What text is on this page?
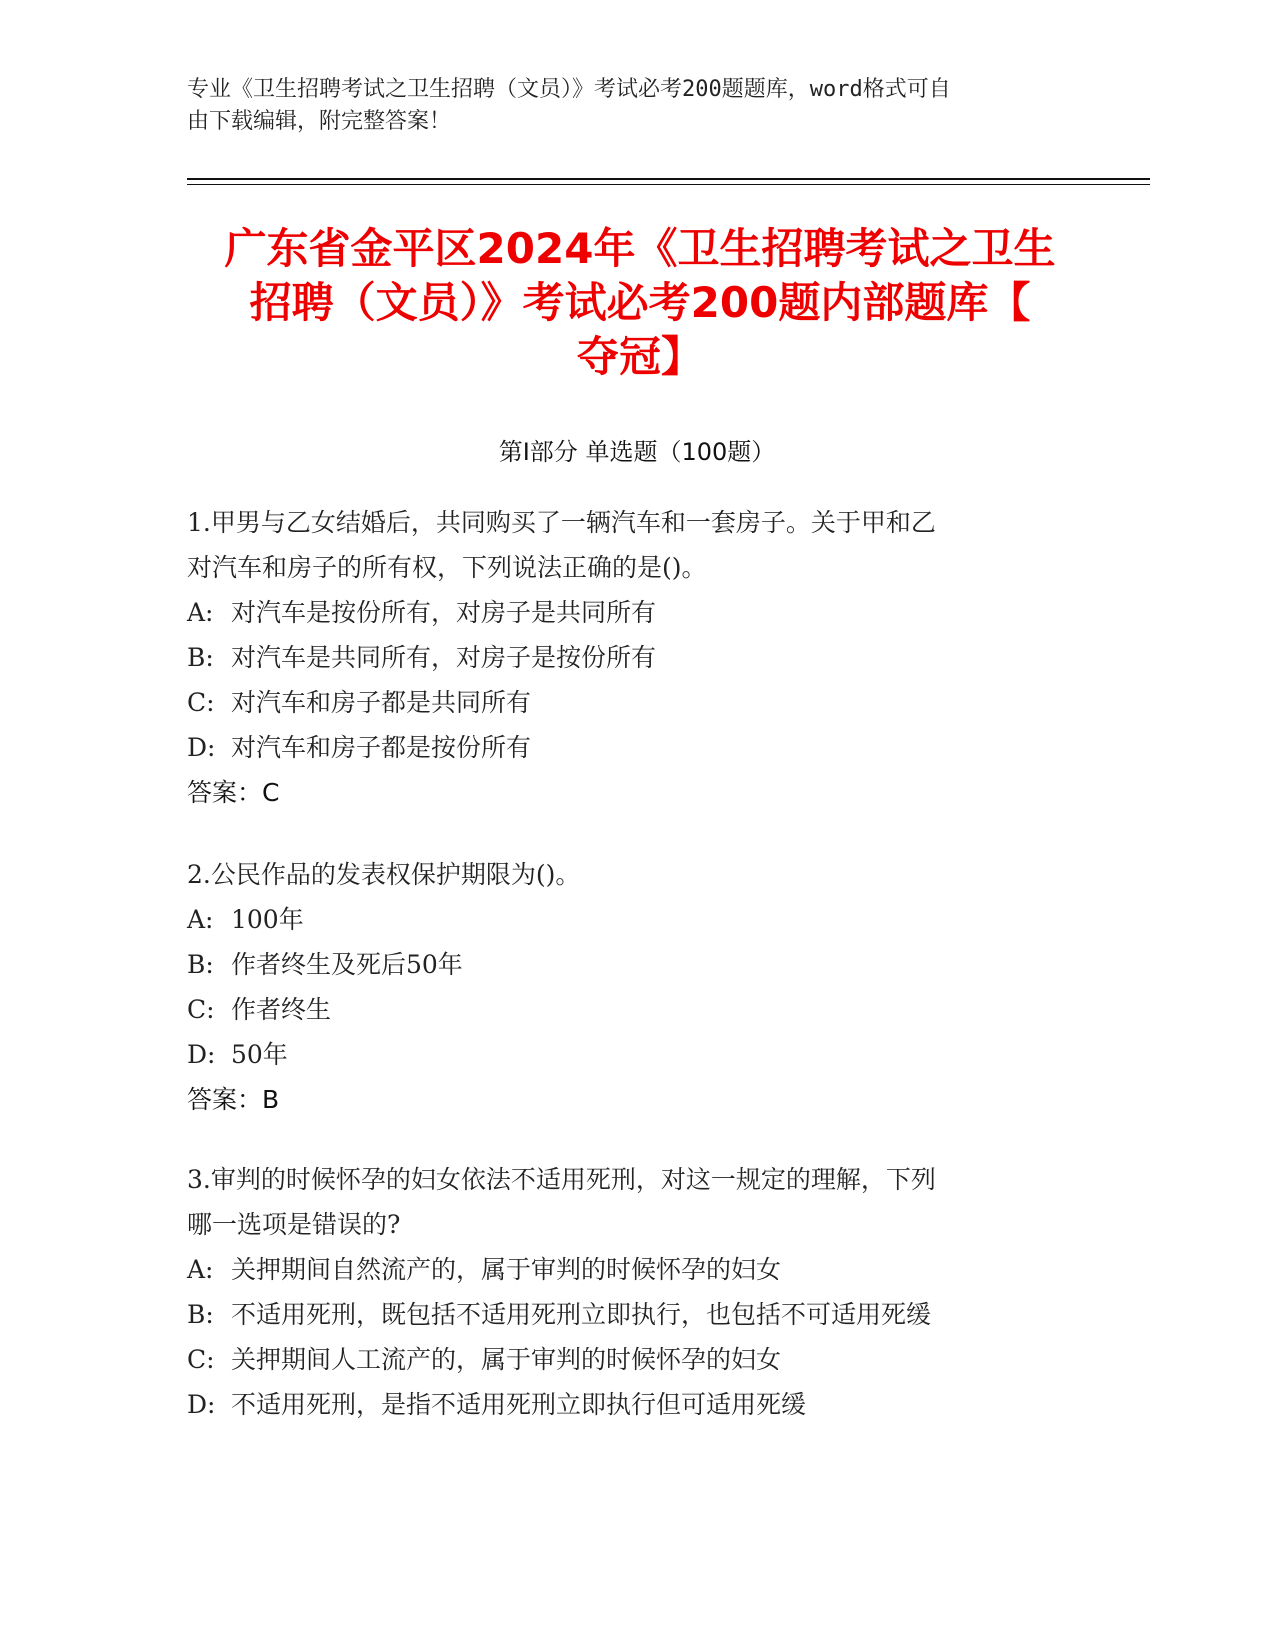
专业《卫生招聘考试之卫生招聘（文员）》考试必考200题题库，word格式可自
由下载编辑，附完整答案！
广东省金平区2024年《卫生招聘考试之卫生
招聘（文员）》考试必考200题内部题库【
夺冠】
第Ⅰ部分 单选题（100题）
1.甲男与乙女结婚后，共同购买了一辆汽车和一套房子。关于甲和乙
对汽车和房子的所有权，下列说法正确的是()。
A: 对汽车是按份所有，对房子是共同所有
B: 对汽车是共同所有，对房子是按份所有
C: 对汽车和房子都是共同所有
D: 对汽车和房子都是按份所有
答案：C
2.公民作品的发表权保护期限为()。
A: 100年
B: 作者终生及死后50年
C: 作者终生
D: 50年
答案：B
3.审判的时候怀孕的妇女依法不适用死刑，对这一规定的理解，下列
哪一选项是错误的?
A: 关押期间自然流产的，属于审判的时候怀孕的妇女
B: 不适用死刑，既包括不适用死刑立即执行，也包括不可适用死缓
C: 关押期间人工流产的，属于审判的时候怀孕的妇女
D: 不适用死刑，是指不适用死刑立即执行但可适用死缓
